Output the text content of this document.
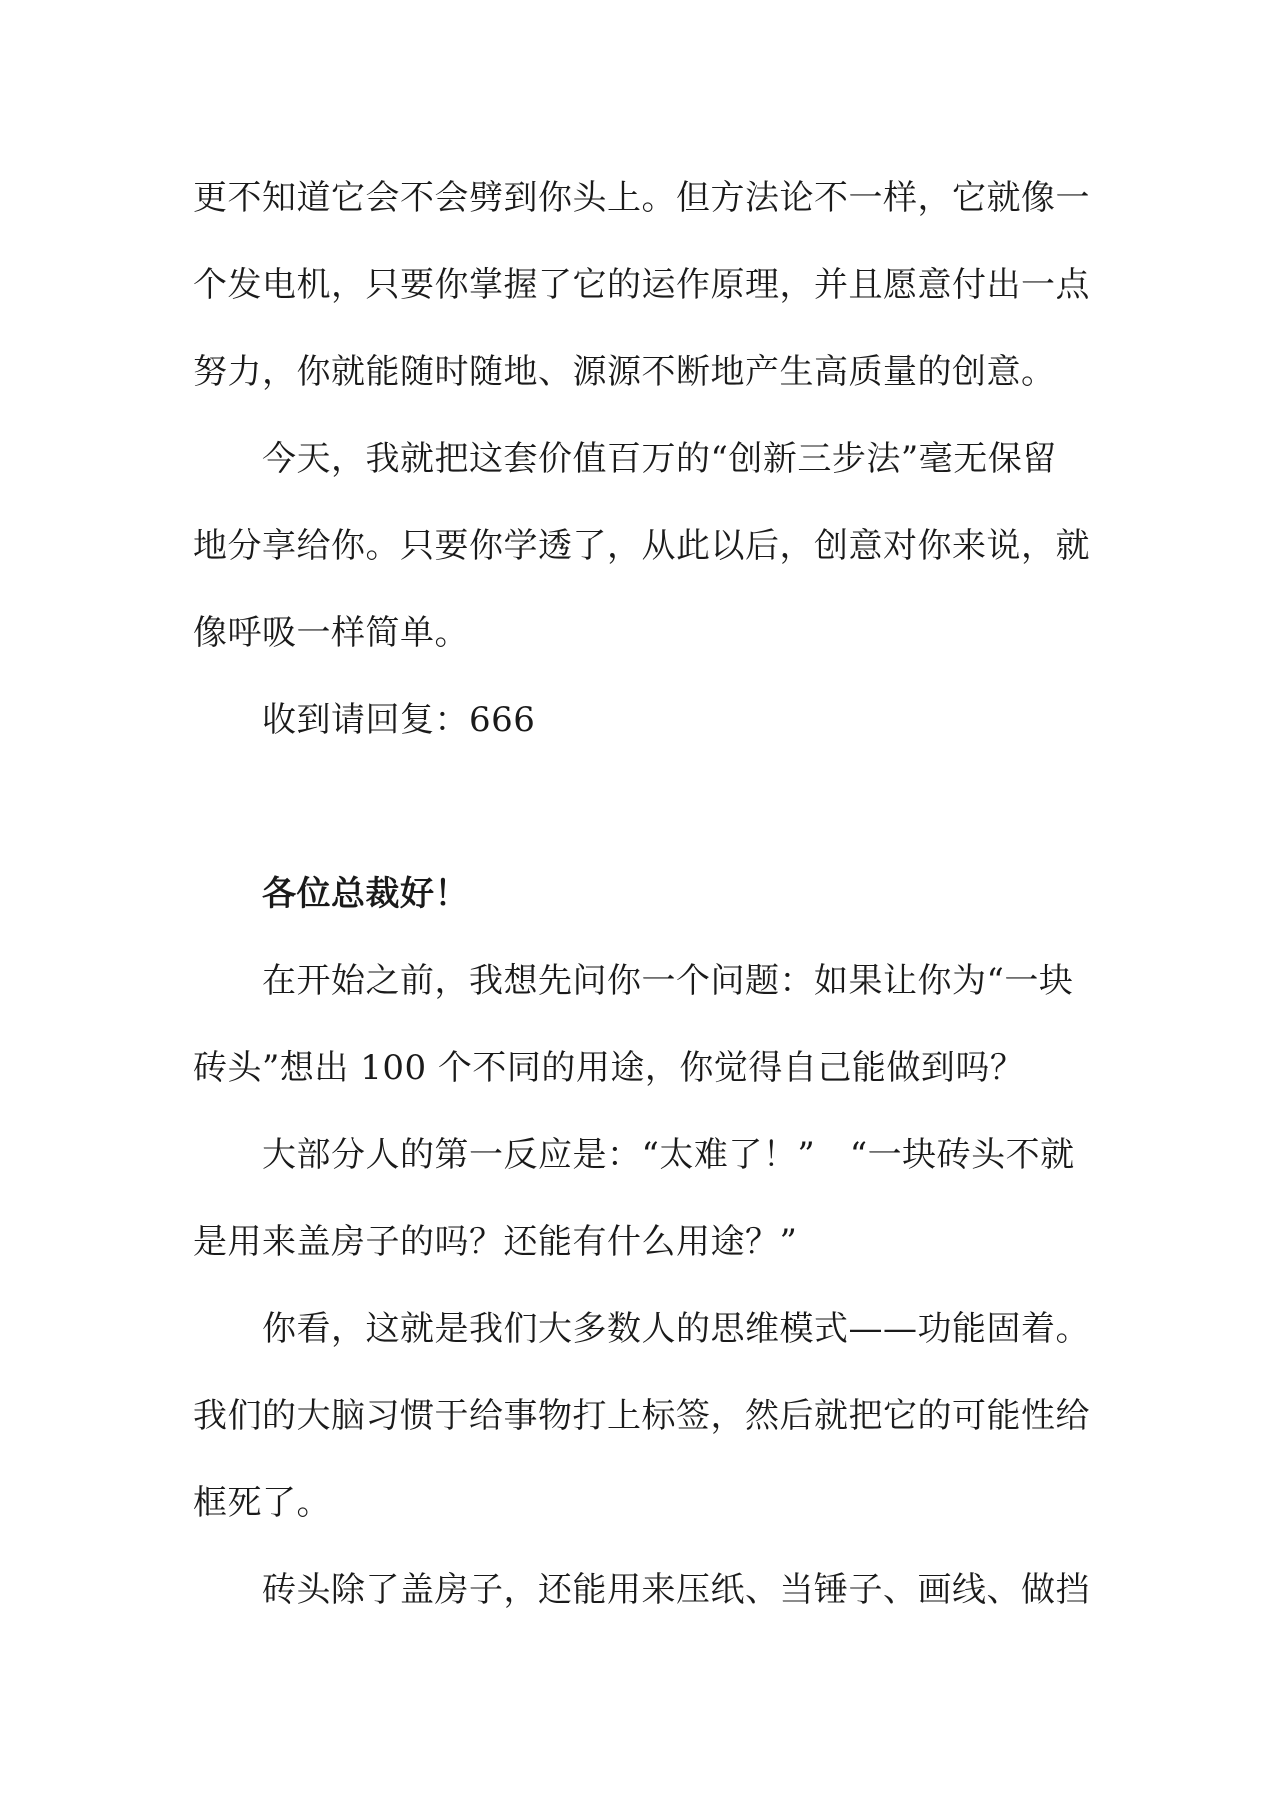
更不知道它会不会劈到你头上。但方法论不一样，它就像一
个发电机，只要你掌握了它的运作原理，并且愿意付出一点
努力，你就能随时随地、源源不断地产生高质量的创意。
今天，我就把这套价值百万的“创新三步法”毫无保留
地分享给你。只要你学透了，从此以后，创意对你来说，就
像呼吸一样简单。
收到请回复：666
各位总裁好！
在开始之前，我想先问你一个问题：如果让你为“一块
砖头”想出 100 个不同的用途，你觉得自己能做到吗？
大部分人的第一反应是：“太难了！”　“一块砖头不就
是用来盖房子的吗？还能有什么用途？”
你看，这就是我们大多数人的思维模式——功能固着。
我们的大脑习惯于给事物打上标签，然后就把它的可能性给
框死了。
砖头除了盖房子，还能用来压纸、当锤子、画线、做挡
